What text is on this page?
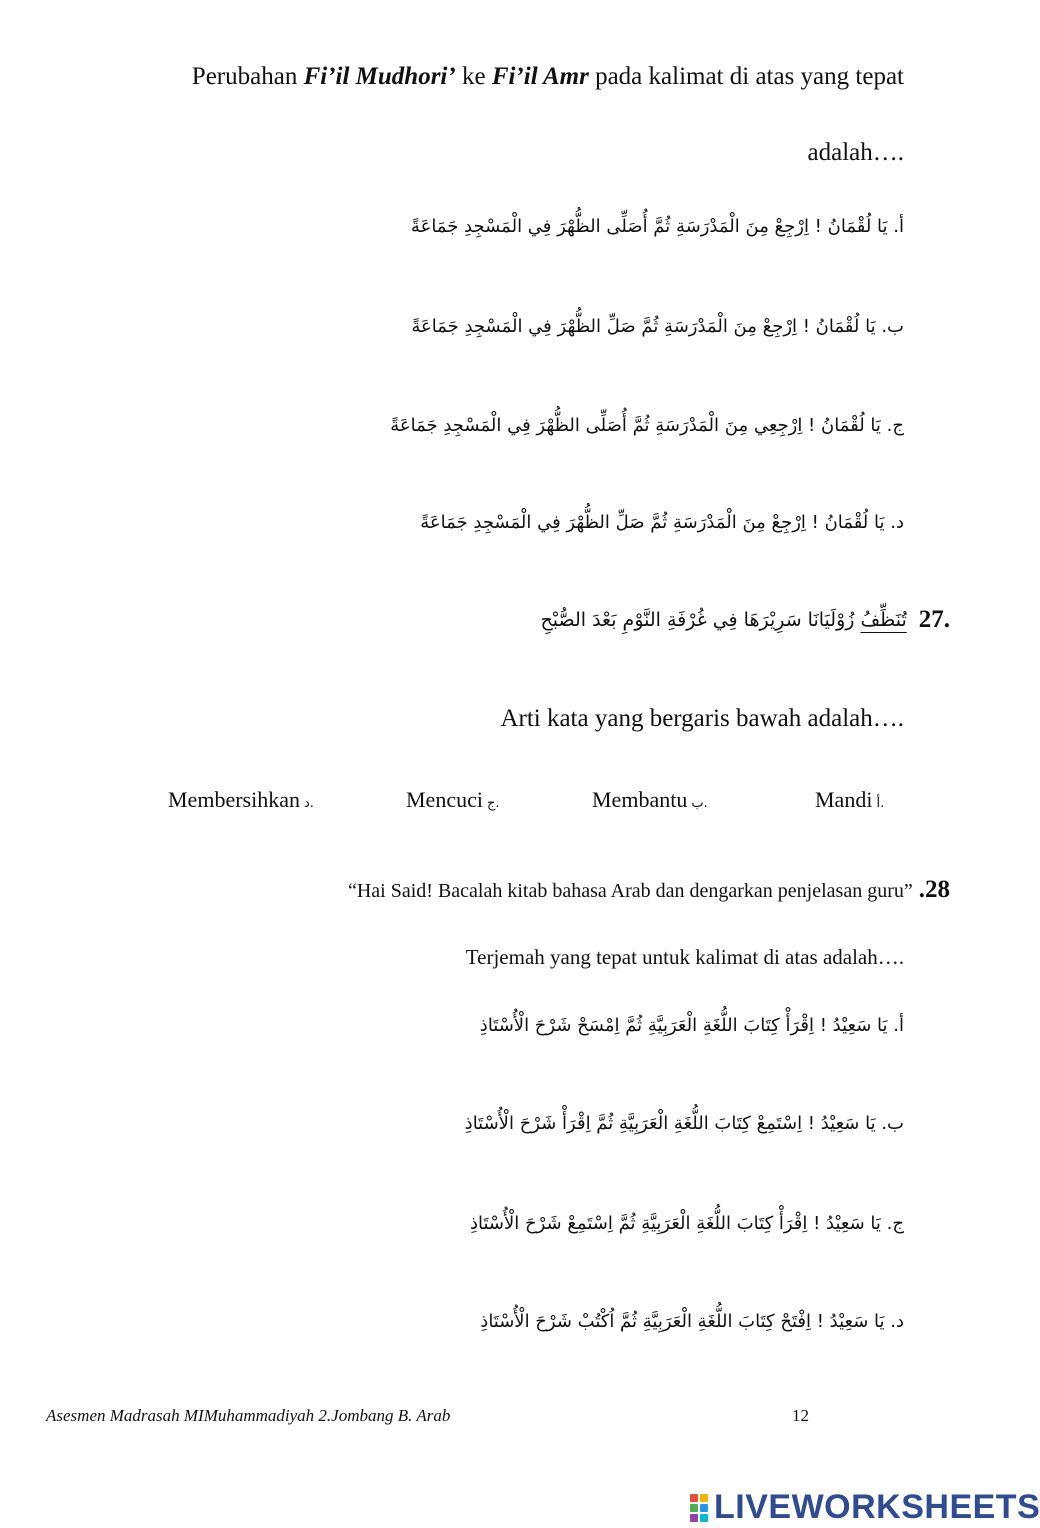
Perubahan Fi’il Mudhori’ ke Fi’il Amr pada kalimat di atas yang tepat
adalah….
أ. يَا لُقْمَانُ ! اِرْجِعْ مِنَ الْمَدْرَسَةِ ثُمَّ أُصَلِّى الظُّهْرَ فِي الْمَسْجِدِ جَمَاعَةً
ب. يَا لُقْمَانُ ! اِرْجِعْ مِنَ الْمَدْرَسَةِ ثُمَّ صَلِّ الظُّهْرَ فِي الْمَسْجِدِ جَمَاعَةً
ج. يَا لُقْمَانُ ! اِرْجِعِي مِنَ الْمَدْرَسَةِ ثُمَّ أُصَلِّى الظُّهْرَ فِي الْمَسْجِدِ جَمَاعَةً
د. يَا لُقْمَانُ ! اِرْجِعْ مِنَ الْمَدْرَسَةِ ثُمَّ صَلِّ الظُّهْرَ فِي الْمَسْجِدِ جَمَاعَةً
تُنَظِّفُ زُوْلَيَانَا سَرِيْرَهَا فِي غُرْفَةِ النَّوْمِ بَعْدَ الصُّبْحِ	27.
Arti kata yang bergaris bawah adalah….
Mandi أ.
Membantu ب.
Mencuci ج.
Membersihkan د.
“Hai Said! Bacalah kitab bahasa Arab dan dengarkan penjelasan guru” .28
Terjemah yang tepat untuk kalimat di atas adalah….
أ. يَا سَعِيْدُ ! اِقْرَأْ كِتَابَ اللُّغَةِ الْعَرَبِيَّةِ ثُمَّ اِمْسَحْ شَرْحَ الْأُسْتَاذِ
ب. يَا سَعِيْدُ ! اِسْتَمِعْ كِتَابَ اللُّغَةِ الْعَرَبِيَّةِ ثُمَّ اِقْرَأْ شَرْحَ الْأُسْتَاذِ
ج. يَا سَعِيْدُ ! اِقْرَأْ كِتَابَ اللُّغَةِ الْعَرَبِيَّةِ ثُمَّ اِسْتَمِعْ شَرْحَ الْأُسْتَاذِ
د. يَا سَعِيْدُ ! اِفْتَحْ كِتَابَ اللُّغَةِ الْعَرَبِيَّةِ ثُمَّ اُكْتُبْ شَرْحَ الْأُسْتَاذِ
Asesmen Madrasah MIMuhammadiyah 2.Jombang B. Arab	12
LIVEWORKSHEETS
